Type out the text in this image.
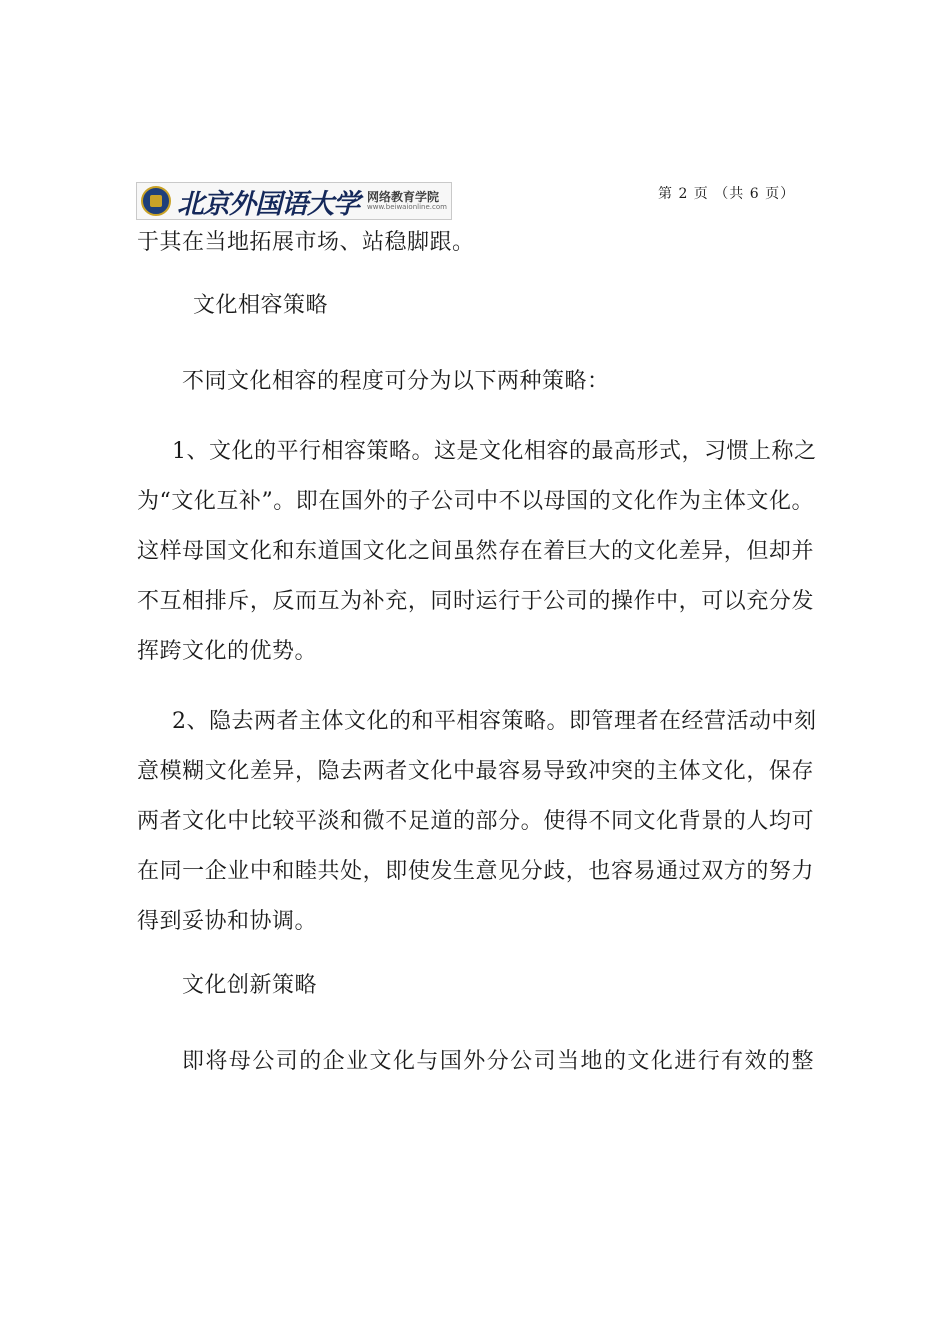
北京外国语大学 网络教育学院
www.beiwaionline.com
第 2 页 （共 6 页）
于其在当地拓展市场、站稳脚跟。
文化相容策略
不同文化相容的程度可分为以下两种策略：
1、文化的平行相容策略。这是文化相容的最高形式，习惯上称之
为“文化互补”。即在国外的子公司中不以母国的文化作为主体文化。
这样母国文化和东道国文化之间虽然存在着巨大的文化差异，但却并
不互相排斥，反而互为补充，同时运行于公司的操作中，可以充分发
挥跨文化的优势。
2、隐去两者主体文化的和平相容策略。即管理者在经营活动中刻
意模糊文化差异，隐去两者文化中最容易导致冲突的主体文化，保存
两者文化中比较平淡和微不足道的部分。使得不同文化背景的人均可
在同一企业中和睦共处，即使发生意见分歧，也容易通过双方的努力
得到妥协和协调。
文化创新策略
即将母公司的企业文化与国外分公司当地的文化进行有效的整
